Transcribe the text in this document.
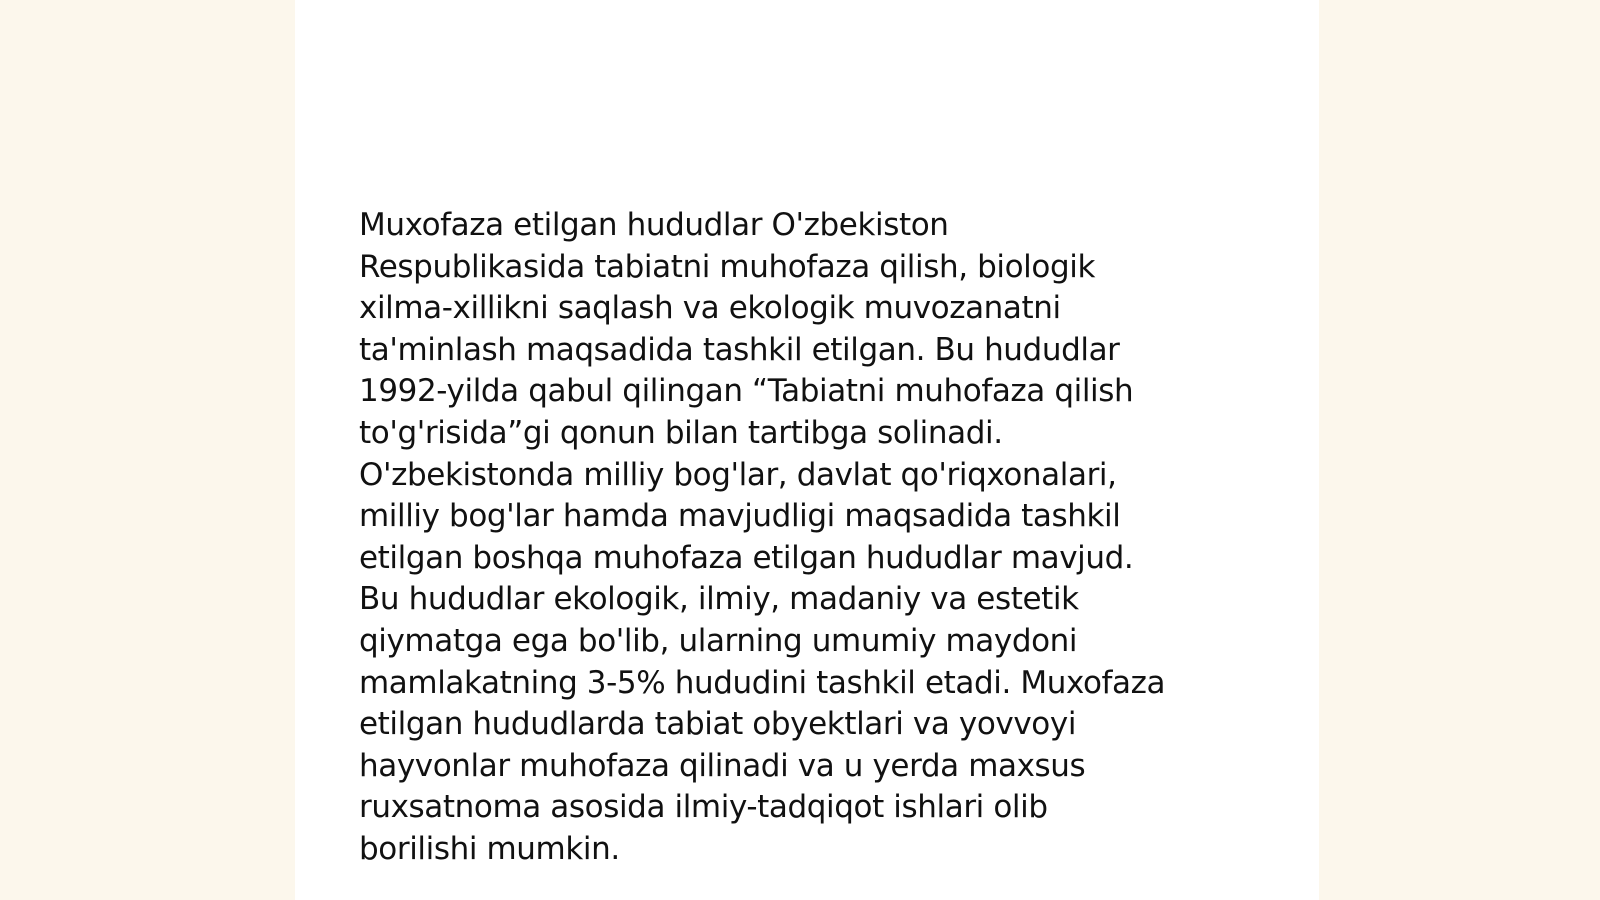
Muxofaza etilgan hududlar O'zbekiston
Respublikasida tabiatni muhofaza qilish, biologik
xilma-xillikni saqlash va ekologik muvozanatni
ta'minlash maqsadida tashkil etilgan. Bu hududlar
1992-yilda qabul qilingan “Tabiatni muhofaza qilish
to'g'risida”gi qonun bilan tartibga solinadi.
O'zbekistonda milliy bog'lar, davlat qo'riqxonalari,
milliy bog'lar hamda mavjudligi maqsadida tashkil
etilgan boshqa muhofaza etilgan hududlar mavjud.
Bu hududlar ekologik, ilmiy, madaniy va estetik
qiymatga ega bo'lib, ularning umumiy maydoni
mamlakatning 3-5% hududini tashkil etadi. Muxofaza
etilgan hududlarda tabiat obyektlari va yovvoyi
hayvonlar muhofaza qilinadi va u yerda maxsus
ruxsatnoma asosida ilmiy-tadqiqot ishlari olib
borilishi mumkin.
